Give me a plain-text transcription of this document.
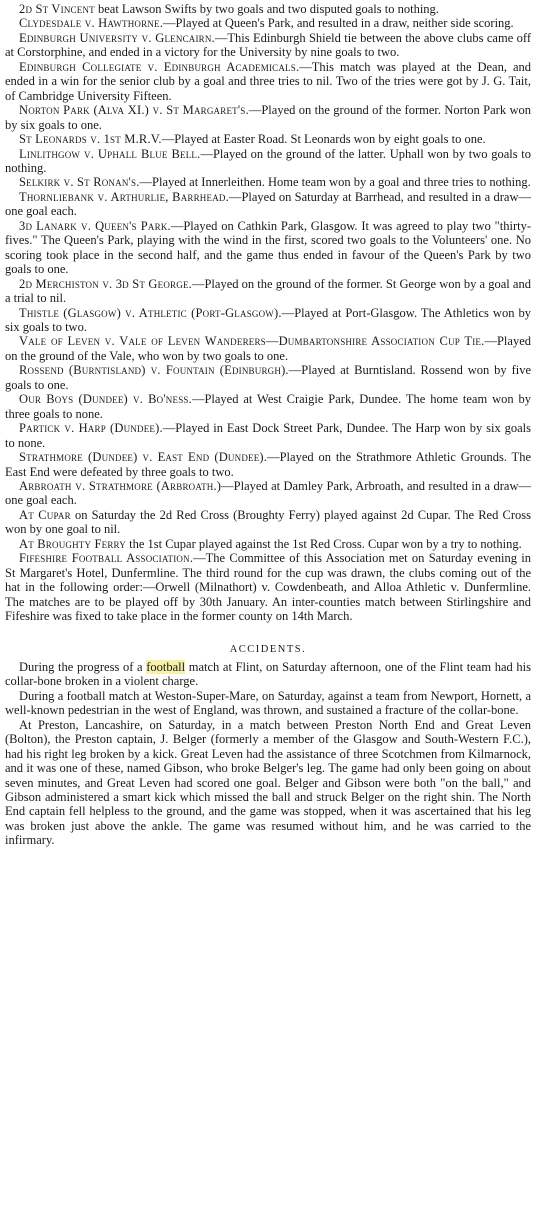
2d St Vincent beat Lawson Swifts by two goals and two disputed goals to nothing.

Clydesdale v. Hawthorne.—Played at Queen's Park, and resulted in a draw, neither side scoring.

Edinburgh University v. Glencairn.—This Edinburgh Shield tie between the above clubs came off at Corstorphine, and ended in a victory for the University by nine goals to two.

Edinburgh Collegiate v. Edinburgh Academicals.—This match was played at the Dean, and ended in a win for the senior club by a goal and three tries to nil. Two of the tries were got by J. G. Tait, of Cambridge University Fifteen.

Norton Park (Alva XI.) v. St Margaret's.—Played on the ground of the former. Norton Park won by six goals to one.

St Leonards v. 1st M.R.V.—Played at Easter Road. St Leonards won by eight goals to one.

Linlithgow v. Uphall Blue Bell.—Played on the ground of the latter. Uphall won by two goals to nothing.

Selkirk v. St Ronan's.—Played at Innerleithen. Home team won by a goal and three tries to nothing.

Thornliebank v. Arthurlie, Barrhead.—Played on Saturday at Barrhead, and resulted in a draw—one goal each.

3d Lanark v. Queen's Park.—Played on Cathkin Park, Glasgow. It was agreed to play two "thirty-fives." The Queen's Park, playing with the wind in the first, scored two goals to the Volunteers' one. No scoring took place in the second half, and the game thus ended in favour of the Queen's Park by two goals to one.

2d Merchiston v. 3d St George.—Played on the ground of the former. St George won by a goal and a trial to nil.

Thistle (Glasgow) v. Athletic (Port-Glasgow).—Played at Port-Glasgow. The Athletics won by six goals to two.

Vale of Leven v. Vale of Leven Wanderers—Dumbartonshire Association Cup Tie.—Played on the ground of the Vale, who won by two goals to one.

Rossend (Burntisland) v. Fountain (Edinburgh).—Played at Burntisland. Rossend won by five goals to one.

Our Boys (Dundee) v. Bo'ness.—Played at West Craigie Park, Dundee. The home team won by three goals to none.

Partick v. Harp (Dundee).—Played in East Dock Street Park, Dundee. The Harp won by six goals to none.

Strathmore (Dundee) v. East End (Dundee).—Played on the Strathmore Athletic Grounds. The East End were defeated by three goals to two.

Arbroath v. Strathmore (Arbroath.)—Played at Damley Park, Arbroath, and resulted in a draw—one goal each.

At Cupar on Saturday the 2d Red Cross (Broughty Ferry) played against 2d Cupar. The Red Cross won by one goal to nil.

At Broughty Ferry the 1st Cupar played against the 1st Red Cross. Cupar won by a try to nothing.

Fifeshire Football Association.—The Committee of this Association met on Saturday evening in St Margaret's Hotel, Dunfermline. The third round for the cup was drawn, the clubs coming out of the hat in the following order:—Orwell (Milnathort) v. Cowdenbeath, and Alloa Athletic v. Dunfermline. The matches are to be played off by 30th January. An inter-counties match between Stirlingshire and Fifeshire was fixed to take place in the former county on 14th March.

ACCIDENTS.

During the progress of a football match at Flint, on Saturday afternoon, one of the Flint team had his collar-bone broken in a violent charge.

During a football match at Weston-Super-Mare, on Saturday, against a team from Newport, Hornett, a well-known pedestrian in the west of England, was thrown, and sustained a fracture of the collar-bone.

At Preston, Lancashire, on Saturday, in a match between Preston North End and Great Leven (Bolton), the Preston captain, J. Belger (formerly a member of the Glasgow and South-Western F.C.), had his right leg broken by a kick. Great Leven had the assistance of three Scotchmen from Kilmarnock, and it was one of these, named Gibson, who broke Belger's leg. The game had only been going on about seven minutes, and Great Leven had scored one goal. Belger and Gibson were both "on the ball," and Gibson administered a smart kick which missed the ball and struck Belger on the right shin. The North End captain fell helpless to the ground, and the game was stopped, when it was ascertained that his leg was broken just above the ankle. The game was resumed without him, and he was carried to the infirmary.
